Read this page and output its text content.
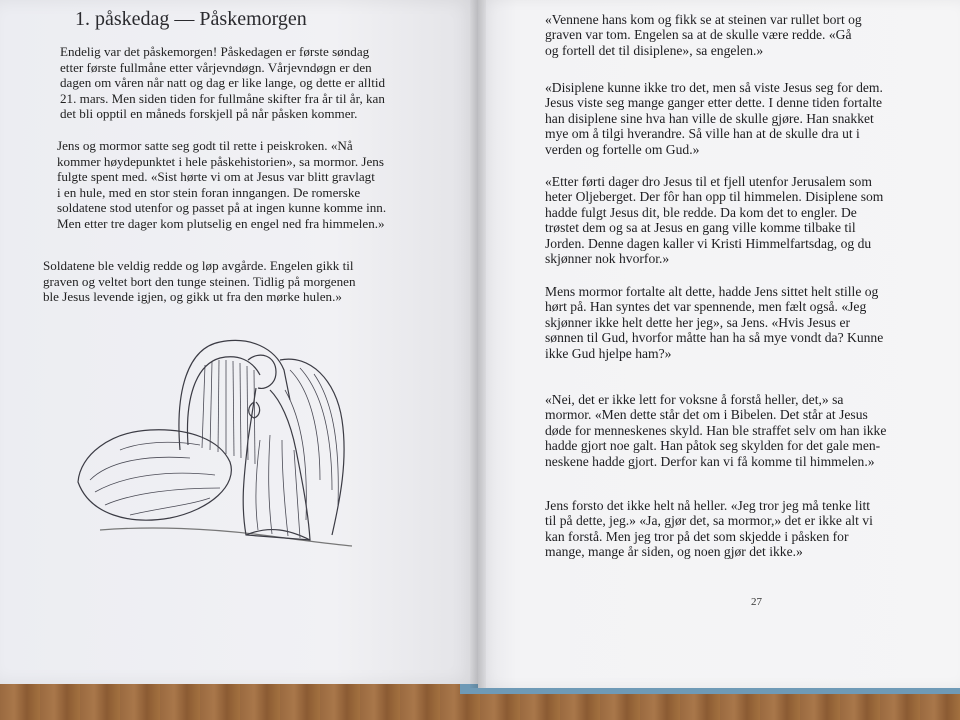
1. påskedag — Påskemorgen

Endelig var det påskemorgen! Påskedagen er første søndag
etter første fullmåne etter vårjevndøgn. Vårjevndøgn er den
dagen om våren når natt og dag er like lange, og dette er alltid
21. mars. Men siden tiden for fullmåne skifter fra år til år, kan
det bli opptil en måneds forskjell på når påsken kommer.

Jens og mormor satte seg godt til rette i peiskroken. «Nå
kommer høydepunktet i hele påskehistorien», sa mormor. Jens
fulgte spent med. «Sist hørte vi om at Jesus var blitt gravlagt
i en hule, med en stor stein foran inngangen. De romerske
soldatene stod utenfor og passet på at ingen kunne komme inn.
Men etter tre dager kom plutselig en engel ned fra himmelen.»

Soldatene ble veldig redde og løp avgårde. Engelen gikk til
graven og veltet bort den tunge steinen. Tidlig på morgenen
ble Jesus levende igjen, og gikk ut fra den mørke hulen.»

«Vennene hans kom og fikk se at steinen var rullet bort og
graven var tom. Engelen sa at de skulle være redde. «Gå
og fortell det til disiplene», sa engelen.»

«Disiplene kunne ikke tro det, men så viste Jesus seg for dem.
Jesus viste seg mange ganger etter dette. I denne tiden fortalte
han disiplene sine hva han ville de skulle gjøre. Han snakket
mye om å tilgi hverandre. Så ville han at de skulle dra ut i
verden og fortelle om Gud.»

«Etter førti dager dro Jesus til et fjell utenfor Jerusalem som
heter Oljeberget. Der fôr han opp til himmelen. Disiplene som
hadde fulgt Jesus dit, ble redde. Da kom det to engler. De
trøstet dem og sa at Jesus en gang ville komme tilbake til
Jorden. Denne dagen kaller vi Kristi Himmelfartsdag, og du
skjønner nok hvorfor.»

Mens mormor fortalte alt dette, hadde Jens sittet helt stille og
hørt på. Han syntes det var spennende, men fælt også. «Jeg
skjønner ikke helt dette her jeg», sa Jens. «Hvis Jesus er
sønnen til Gud, hvorfor måtte han ha så mye vondt da? Kunne
ikke Gud hjelpe ham?»

«Nei, det er ikke lett for voksne å forstå heller, det,» sa
mormor. «Men dette står det om i Bibelen. Det står at Jesus
døde for menneskenes skyld. Han ble straffet selv om han ikke
hadde gjort noe galt. Han påtok seg skylden for det gale men-
neskene hadde gjort. Derfor kan vi få komme til himmelen.»

Jens forsto det ikke helt nå heller. «Jeg tror jeg må tenke litt
til på dette, jeg.» «Ja, gjør det, sa mormor,» det er ikke alt vi
kan forstå. Men jeg tror på det som skjedde i påsken for
mange, mange år siden, og noen gjør det ikke.»

27
